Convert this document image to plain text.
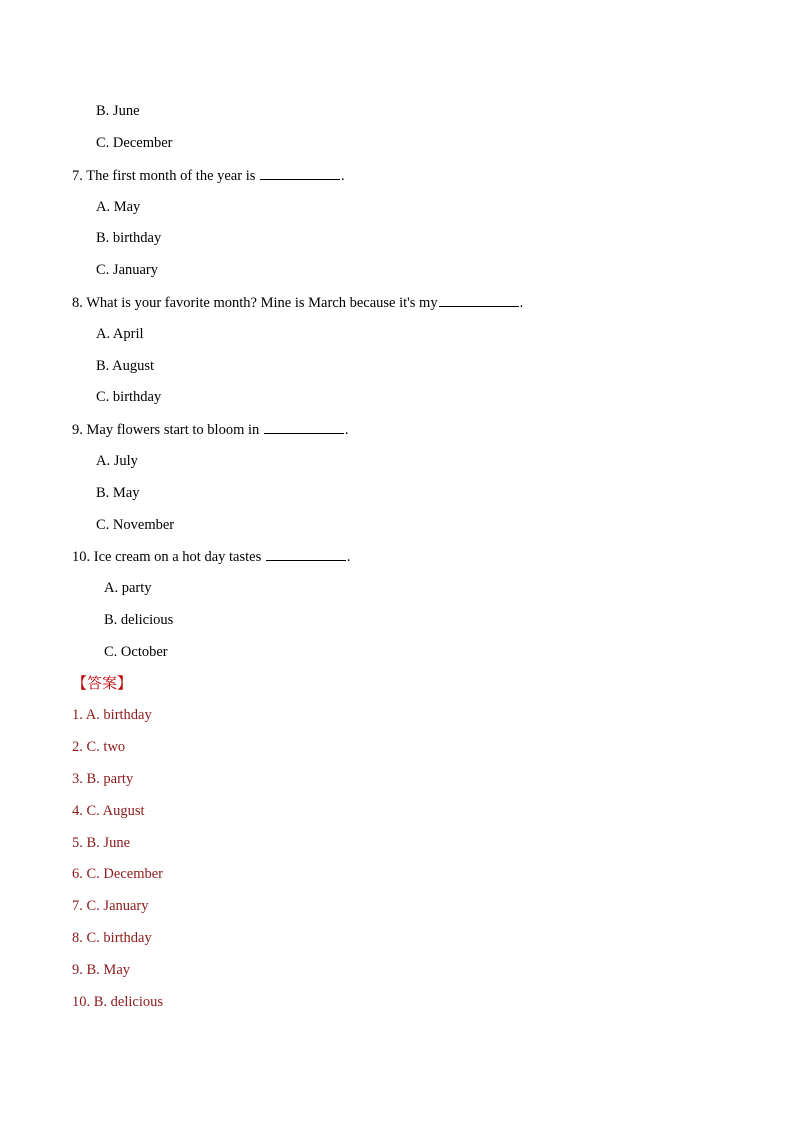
B. June
C. December
7. The first month of the year is	.
A. May
B. birthday
C. January
8. What is your favorite month? Mine is March because it's my	.
A. April
B. August
C. birthday
9. May flowers start to bloom in	.
A. July
B. May
C. November
10. Ice cream on a hot day tastes	.
A. party
B. delicious
C. October
【答案】
1. A. birthday
2. C. two
3. B. party
4. C. August
5. B. June
6. C. December
7. C. January
8. C. birthday
9. B. May
10. B. delicious
